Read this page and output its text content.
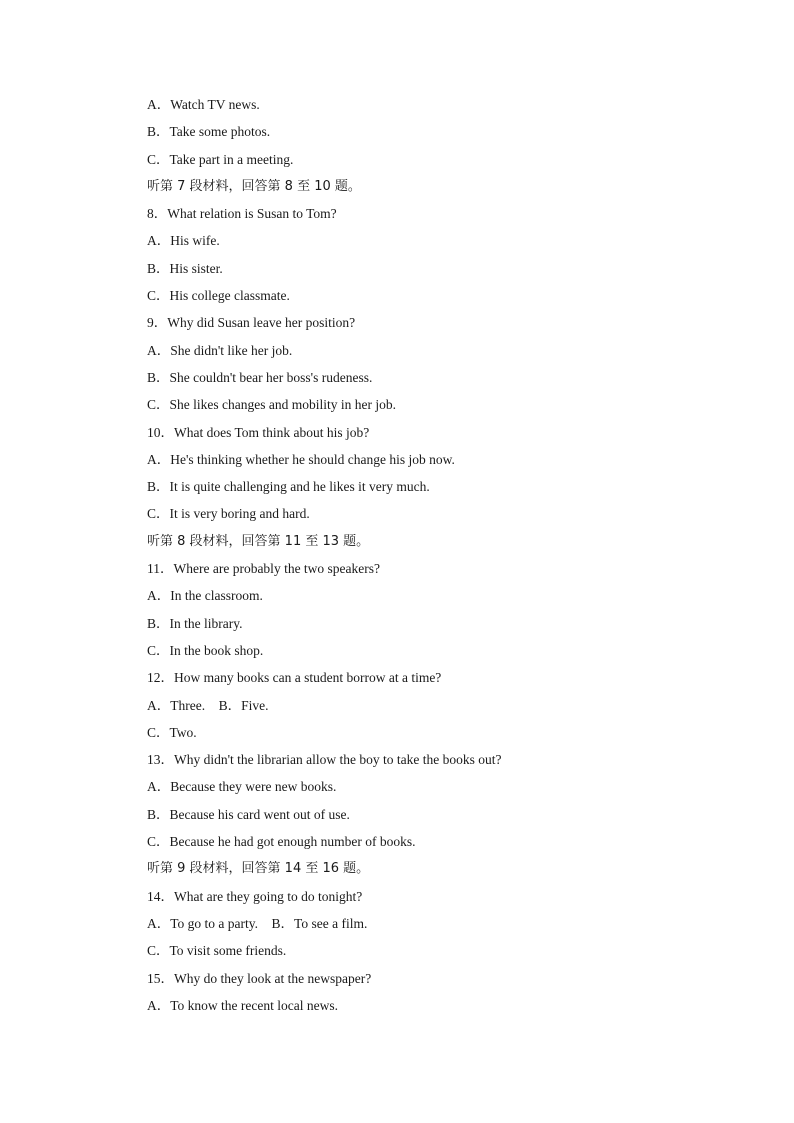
A．Watch TV news.
B．Take some photos.
C．Take part in a meeting.
听第 7 段材料，回答第 8 至 10 题。
8．What relation is Susan to Tom?
A．His wife.
B．His sister.
C．His college classmate.
9．Why did Susan leave her position?
A．She didn't like her job.
B．She couldn't bear her boss's rudeness.
C．She likes changes and mobility in her job.
10．What does Tom think about his job?
A．He's thinking whether he should change his job now.
B．It is quite challenging and he likes it very much.
C．It is very boring and hard.
听第 8 段材料，回答第 11 至 13 题。
11．Where are probably the two speakers?
A．In the classroom.
B．In the library.
C．In the book shop.
12．How many books can a student borrow at a time?
A．Three.    B．Five.
C．Two.
13．Why didn't the librarian allow the boy to take the books out?
A．Because they were new books.
B．Because his card went out of use.
C．Because he had got enough number of books.
听第 9 段材料，回答第 14 至 16 题。
14．What are they going to do tonight?
A．To go to a party.    B．To see a film.
C．To visit some friends.
15．Why do they look at the newspaper?
A．To know the recent local news.
